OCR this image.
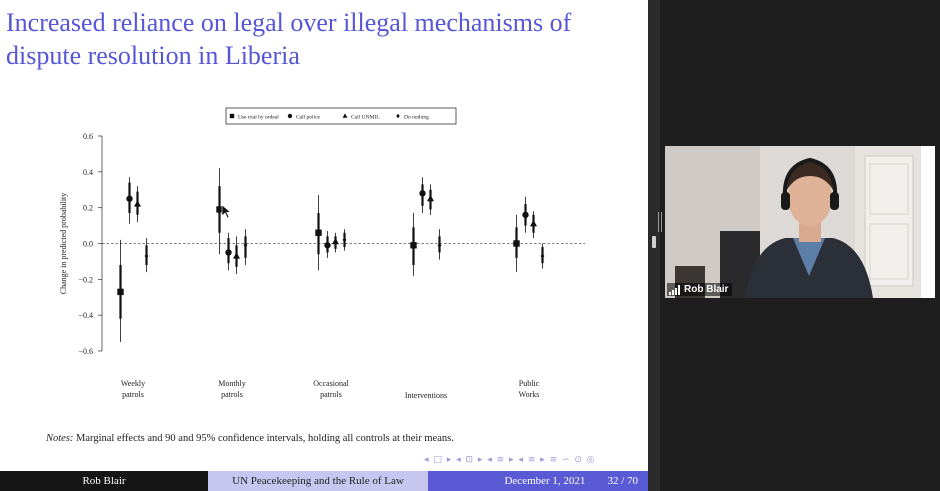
Increased reliance on legal over illegal mechanisms of dispute resolution in Liberia
0.6
0.4
0.2
0.0
−0.2
−0.4
−0.6
Change in predicted probability
Use trial by ordeal	Call police	Call UNMIL	Do nothing
Weekly
patrols
Monthly
patrols
Occasional
patrols	Interventions
Public
Works
Notes: Marginal effects and 90 and 95% confidence intervals, holding all controls at their means.
◂ □ ▸ ◂ ⊡ ▸ ◂ ≡ ▸ ◂ ≡ ▸ ≡ ∽ ⊙ ◎
Rob Blair	UN Peacekeeping and the Rule of Law	December 1, 2021 32 / 70
Rob Blair
